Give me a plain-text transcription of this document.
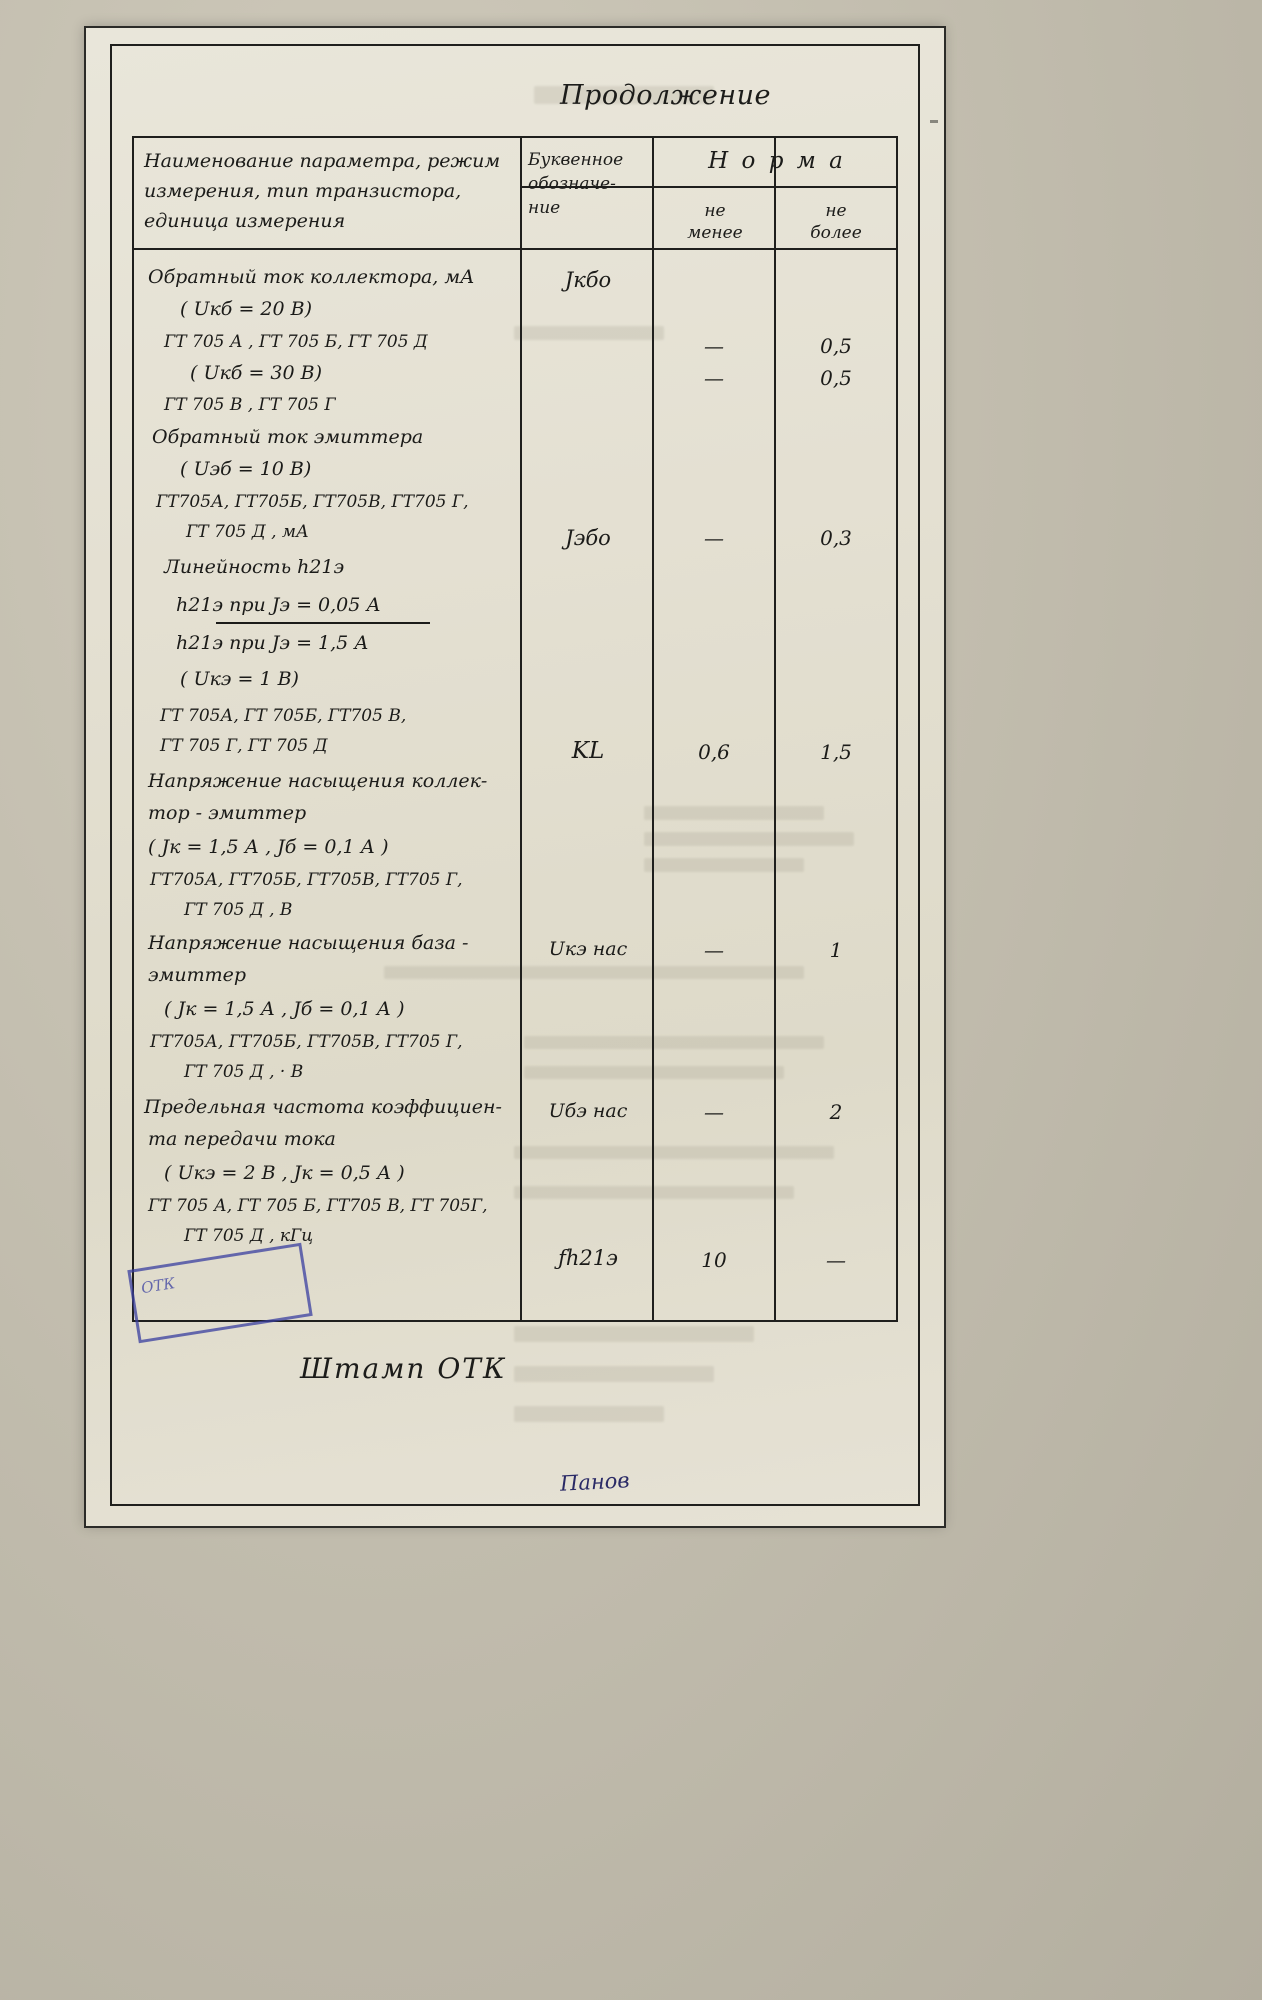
Продолжение
Наименование параметра, режим
измерения, тип транзистора,
единица измерения
Буквенное
обозначе-
ние
Н о р м а
не
менее
не
более
Обратный ток коллектора, мА
( Uкб = 20 В)
ГТ 705 А , ГТ 705 Б, ГТ 705 Д
( Uкб = 30 В)
ГТ 705 В , ГТ 705 Г
Обратный ток эмиттера
( Uэб = 10 В)
ГТ705А, ГТ705Б, ГТ705В, ГТ705 Г,
ГТ 705 Д , мА
Линейность h21э
h21э при Jэ = 0,05 А
h21э при Jэ = 1,5 А
( Uкэ = 1 В)
ГТ 705А, ГТ 705Б, ГТ705 В,
ГТ 705 Г, ГТ 705 Д
Напряжение насыщения коллек-
тор - эмиттер
( Jк = 1,5 А , Jб = 0,1 А )
ГТ705А, ГТ705Б, ГТ705В, ГТ705 Г,
ГТ 705 Д , В
Напряжение насыщения база -
эмиттер
( Jк = 1,5 А , Jб = 0,1 А )
ГТ705А, ГТ705Б, ГТ705В, ГТ705 Г,
ГТ 705 Д , · В
Предельная частота коэффициен-
та передачи тока
( Uкэ = 2 В , Jк = 0,5 А )
ГТ 705 А, ГТ 705 Б, ГТ705 В, ГТ 705Г,
ГТ 705 Д , кГц
Jкбо
Jэбо
KL
Uкэ нас
Uбэ нас
ƒh21э
—
—
—
0,6
—
—
10
0,5
0,5
0,3
1,5
1
2
—
ОТК
Штамп ОТК
Панов
